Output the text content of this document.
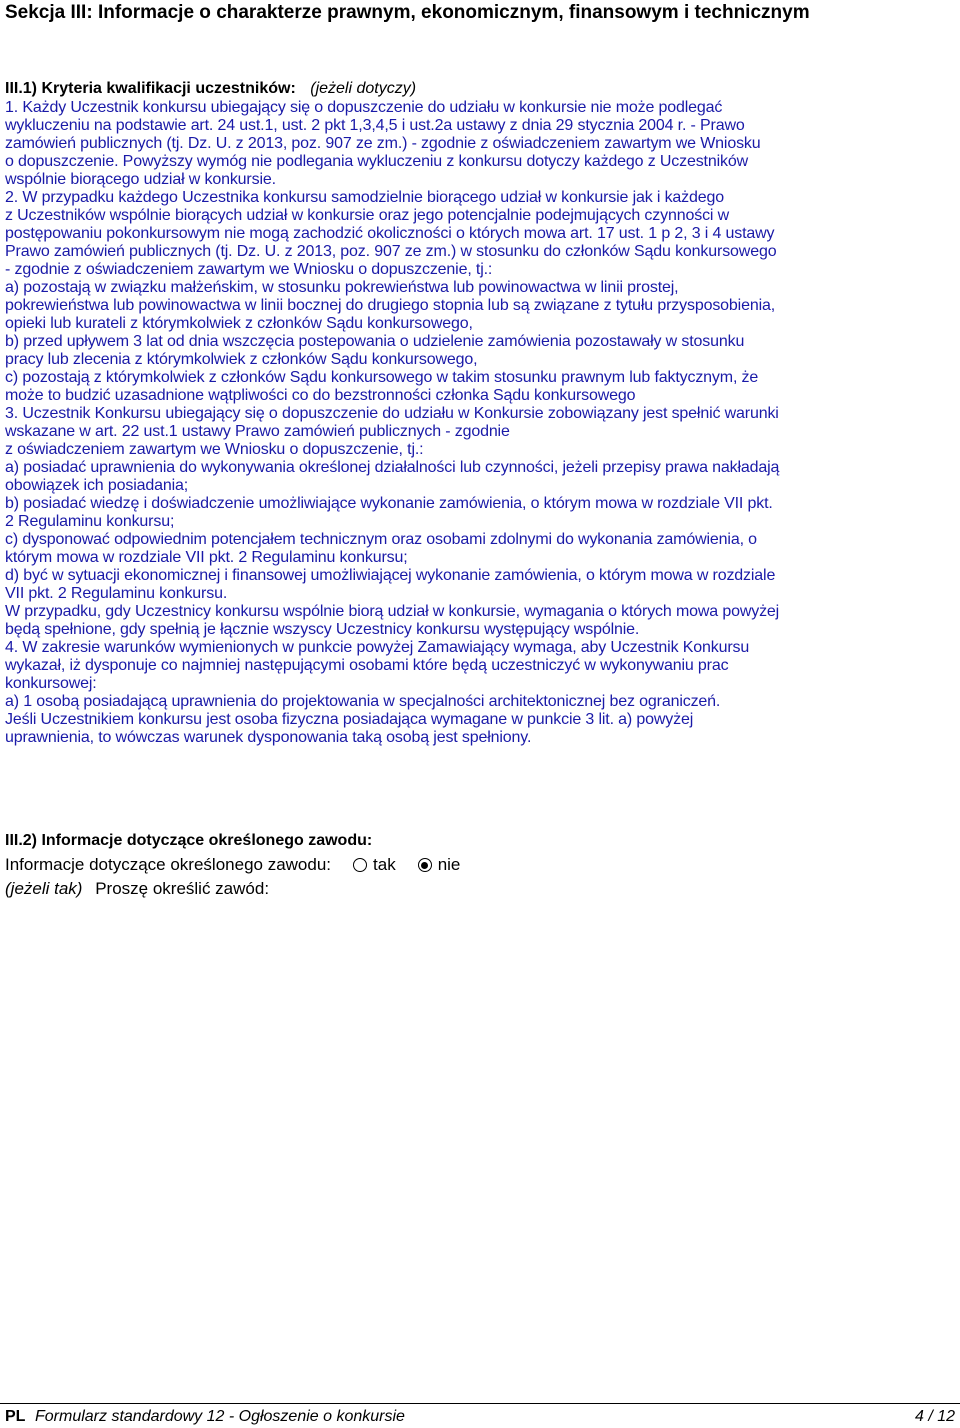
Sekcja III: Informacje o charakterze prawnym, ekonomicznym, finansowym i technicznym
III.1) Kryteria kwalifikacji uczestników: (jeżeli dotyczy)

1. Każdy Uczestnik konkursu ubiegający się o dopuszczenie do udziału w konkursie nie może podlegać
wykluczeniu na podstawie art. 24 ust.1, ust. 2 pkt 1,3,4,5 i ust.2a ustawy z dnia 29 stycznia 2004 r. - Prawo
zamówień publicznych (tj. Dz. U. z 2013, poz. 907 ze zm.) - zgodnie z oświadczeniem zawartym we Wniosku
o dopuszczenie. Powyższy wymóg nie podlegania wykluczeniu z konkursu dotyczy każdego z Uczestników
wspólnie biorącego udział w konkursie.

2. W przypadku każdego Uczestnika konkursu samodzielnie biorącego udział w konkursie jak i każdego
z Uczestników wspólnie biorących udział w konkursie oraz jego potencjalnie podejmujących czynności w
postępowaniu pokonkursowym nie mogą zachodzić okoliczności o których mowa art. 17 ust. 1 p 2, 3 i 4 ustawy
Prawo zamówień publicznych (tj. Dz. U. z 2013, poz. 907 ze zm.) w stosunku do członków Sądu konkursowego
- zgodnie z oświadczeniem zawartym we Wniosku o dopuszczenie, tj.:

a) pozostają w związku małżeńskim, w stosunku pokrewieństwa lub powinowactwa w linii prostej,
pokrewieństwa lub powinowactwa w linii bocznej do drugiego stopnia lub są związane z tytułu przysposobienia,
opieki lub kurateli z którymkolwiek z członków Sądu konkursowego,

b) przed upływem 3 lat od dnia wszczęcia postepowania o udzielenie zamówienia pozostawały w stosunku
pracy lub zlecenia z którymkolwiek z członków Sądu konkursowego,

c) pozostają z którymkolwiek z członków Sądu konkursowego w takim stosunku prawnym lub faktycznym, że
może to budzić uzasadnione wątpliwości co do bezstronności członka Sądu konkursowego

3. Uczestnik Konkursu ubiegający się o dopuszczenie do udziału w Konkursie zobowiązany jest spełnić warunki
wskazane w art. 22 ust.1 ustawy Prawo zamówień publicznych - zgodnie
z oświadczeniem zawartym we Wniosku o dopuszczenie, tj.:

a) posiadać uprawnienia do wykonywania określonej działalności lub czynności, jeżeli przepisy prawa nakładają
obowiązek ich posiadania;

b) posiadać wiedzę i doświadczenie umożliwiające wykonanie zamówienia, o którym mowa w rozdziale VII pkt.
2 Regulaminu konkursu;

c) dysponować odpowiednim potencjałem technicznym oraz osobami zdolnymi do wykonania zamówienia, o
którym mowa w rozdziale VII pkt. 2 Regulaminu konkursu;

d) być w sytuacji ekonomicznej i finansowej umożliwiającej wykonanie zamówienia, o którym mowa w rozdziale
VII pkt. 2 Regulaminu konkursu.

W przypadku, gdy Uczestnicy konkursu wspólnie biorą udział w konkursie, wymagania o których mowa powyżej
będą spełnione, gdy spełnią je łącznie wszyscy Uczestnicy konkursu występujący wspólnie.

4. W zakresie warunków wymienionych w punkcie powyżej Zamawiający wymaga, aby Uczestnik Konkursu
wykazał, iż dysponuje co najmniej następującymi osobami które będą uczestniczyć w wykonywaniu prac
konkursowej:

a) 1 osobą posiadającą uprawnienia do projektowania w specjalności architektonicznej bez ograniczeń.
Jeśli Uczestnikiem konkursu jest osoba fizyczna posiadająca wymagane w punkcie 3 lit. a) powyżej
uprawnienia, to wówczas warunek dysponowania taką osobą jest spełniony.

III.2) Informacje dotyczące określonego zawodu:
Informacje dotyczące określonego zawodu: tak nie
(jeżeli tak) Proszę określić zawód:
PL Formularz standardowy 12 - Ogłoszenie o konkursie	4 / 12
